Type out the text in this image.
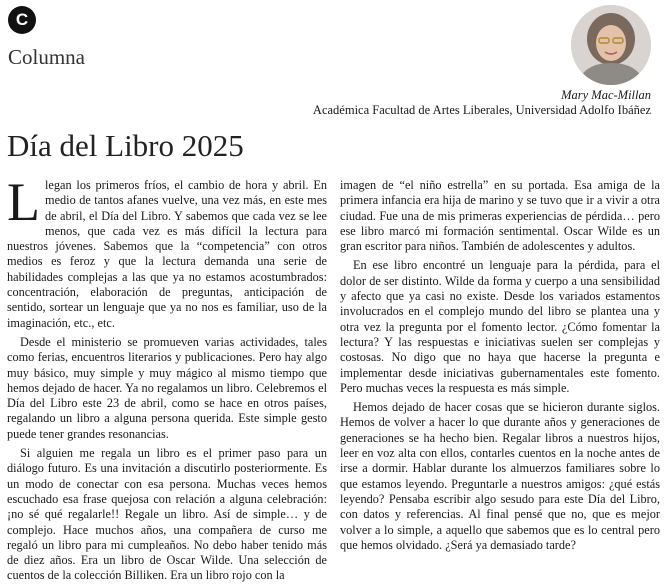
C
Columna
Mary Mac-Millan
Académica Facultad de Artes Liberales, Universidad Adolfo Ibáñez
Día del Libro 2025

Llegan los primeros fríos, el cambio de hora y abril. En medio de tantos afanes vuelve, una vez más, en este mes de abril, el Día del Libro. Y sabemos que cada vez se lee menos, que cada vez es más difícil la lectura para nuestros jóvenes. Sabemos que la “competencia” con otros medios es feroz y que la lectura demanda una serie de habilidades complejas a las que ya no estamos acostumbrados: concentración, elaboración de preguntas, anticipación de sentido, sortear un lenguaje que ya no nos es familiar, uso de la imaginación, etc., etc.

Desde el ministerio se promueven varias actividades, tales como ferias, encuentros literarios y publicaciones. Pero hay algo muy básico, muy simple y muy mágico al mismo tiempo que hemos dejado de hacer. Ya no regalamos un libro. Celebremos el Día del Libro este 23 de abril, como se hace en otros países, regalando un libro a alguna persona querida. Este simple gesto puede tener grandes resonancias.

Si alguien me regala un libro es el primer paso para un diálogo futuro. Es una invitación a discutirlo posteriormente. Es un modo de conectar con esa persona. Muchas veces hemos escuchado esa frase quejosa con relación a alguna celebración: ¡no sé qué regalarle!! Regale un libro. Así de simple… y de complejo. Hace muchos años, una compañera de curso me regaló un libro para mi cumpleaños. No debo haber tenido más de diez años. Era un libro de Oscar Wilde. Una selección de cuentos de la colección Billiken. Era un libro rojo con la

imagen de “el niño estrella” en su portada. Esa amiga de la primera infancia era hija de marino y se tuvo que ir a vivir a otra ciudad. Fue una de mis primeras experiencias de pérdida… pero ese libro marcó mi formación sentimental. Oscar Wilde es un gran escritor para niños. También de adolescentes y adultos.

En ese libro encontré un lenguaje para la pérdida, para el dolor de ser distinto. Wilde da forma y cuerpo a una sensibilidad y afecto que ya casi no existe. Desde los variados estamentos involucrados en el complejo mundo del libro se plantea una y otra vez la pregunta por el fomento lector. ¿Cómo fomentar la lectura? Y las respuestas e iniciativas suelen ser complejas y costosas. No digo que no haya que hacerse la pregunta e implementar desde iniciativas gubernamentales este fomento. Pero muchas veces la respuesta es más simple.

Hemos dejado de hacer cosas que se hicieron durante siglos. Hemos de volver a hacer lo que durante años y generaciones de generaciones se ha hecho bien. Regalar libros a nuestros hijos, leer en voz alta con ellos, contarles cuentos en la noche antes de irse a dormir. Hablar durante los almuerzos familiares sobre lo que estamos leyendo. Preguntarle a nuestros amigos: ¿qué estás leyendo? Pensaba escribir algo sesudo para este Día del Libro, con datos y referencias. Al final pensé que no, que es mejor volver a lo simple, a aquello que sabemos que es lo central pero que hemos olvidado. ¿Será ya demasiado tarde?
